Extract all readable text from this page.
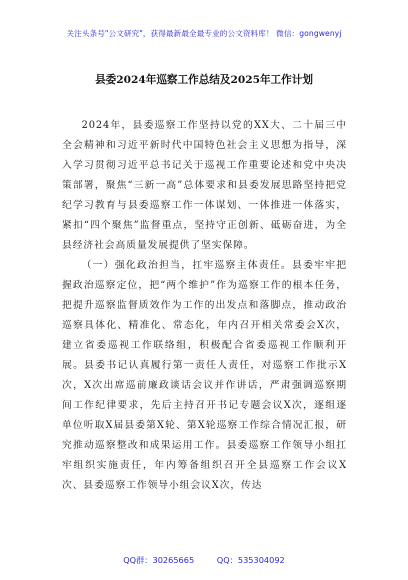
关注头条号"公文研究"，获得最新最全最专业的公文资料库！ 微信：gongwenyj
县委2024年巡察工作总结及2025年工作计划

2024年，县委巡察工作坚持以党的XX大、二十届三中全会精神和习近平新时代中国特色社会主义思想为指导，深入学习贯彻习近平总书记关于巡视工作重要论述和党中央决策部署，聚焦“三新一高”总体要求和县委发展思路坚持把党纪学习教育与县委巡察工作一体谋划、一体推进一体落实，紧扣“四个聚焦”监督重点，坚持守正创新、砥砺奋进，为全县经济社会高质量发展提供了坚实保障。

（一）强化政治担当，扛牢巡察主体责任。县委牢牢把握政治巡察定位，把“两个维护”作为巡察工作的根本任务，把提升巡察监督质效作为工作的出发点和落脚点，推动政治巡察具体化、精准化、常态化，年内召开相关常委会X次，建立省委巡视工作联络组，积极配合省委巡视工作顺利开展。县委书记认真履行第一责任人责任，对巡察工作批示X次，X次出席巡前廉政谈话会议并作讲话，严肃强调巡察期间工作纪律要求，先后主持召开书记专题会议X次，逐组逐单位听取X届县委第X轮、第X轮巡察工作综合情况汇报，研究推动巡察整改和成果运用工作。县委巡察工作领导小组扛牢组织实施责任，年内筹备组织召开全县巡察工作会议X次、县委巡察工作领导小组会议X次，传达

QQ群：30265665	QQ：535304092
